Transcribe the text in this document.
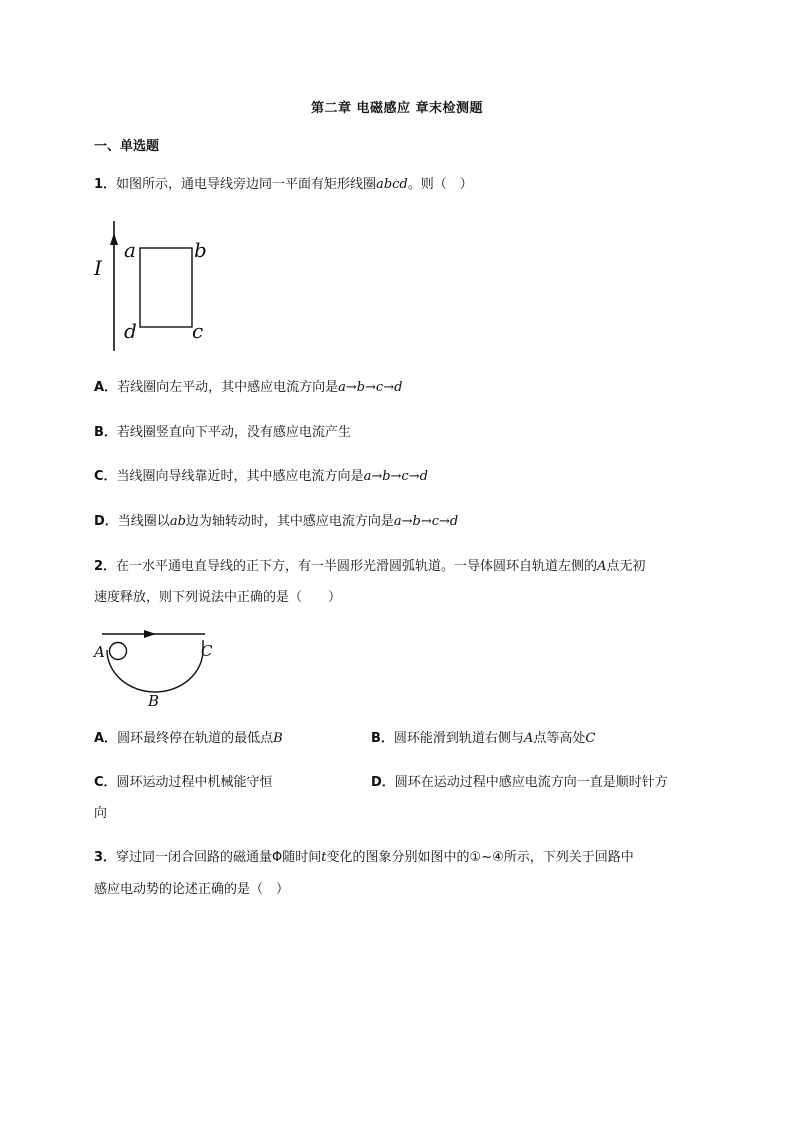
第二章 电磁感应 章末检测题
一、单选题
1．如图所示，通电导线旁边同一平面有矩形线圈abcd。则（　）
I
a	b
c
d
A．若线圈向左平动，其中感应电流方向是a→b→c→d
B．若线圈竖直向下平动，没有感应电流产生
C．当线圈向导线靠近时，其中感应电流方向是a→b→c→d
D．当线圈以ab边为轴转动时，其中感应电流方向是a→b→c→d
2．在一水平通电直导线的正下方，有一半圆形光滑圆弧轨道。一导体圆环自轨道左侧的A点无初
速度释放，则下列说法中正确的是（　　）
A	C
B
A．圆环最终停在轨道的最低点B	B．圆环能滑到轨道右侧与A点等高处C
C．圆环运动过程中机械能守恒	D．圆环在运动过程中感应电流方向一直是顺时针方
向
3．穿过同一闭合回路的磁通量Φ随时间t变化的图象分别如图中的①~④所示，下列关于回路中
感应电动势的论述正确的是（　）
